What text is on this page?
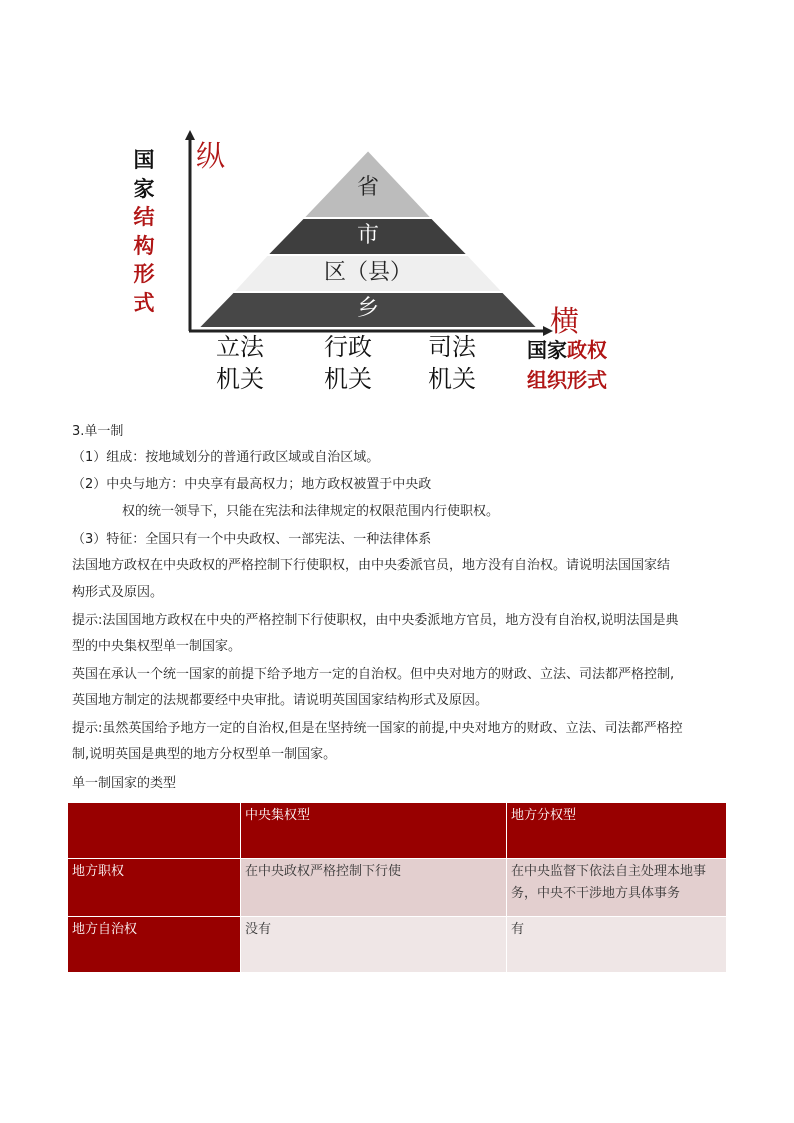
国家
结构形式
纵
横
省
市
区（县）
乡
立法
机关
行政
机关
司法
机关
国家政权
组织形式
3.单一制
（1）组成：按地域划分的普通行政区域或自治区域。
（2）中央与地方：中央享有最高权力；地方政权被置于中央政
权的统一领导下，只能在宪法和法律规定的权限范围内行使职权。
（3）特征：全国只有一个中央政权、一部宪法、一种法律体系
法国地方政权在中央政权的严格控制下行使职权，由中央委派官员，地方没有自治权。请说明法国国家结
构形式及原因。
提示:法国国地方政权在中央的严格控制下行使职权，由中央委派地方官员，地方没有自治权,说明法国是典
型的中央集权型单一制国家。
英国在承认一个统一国家的前提下给予地方一定的自治权。但中央对地方的财政、立法、司法都严格控制,
英国地方制定的法规都要经中央审批。请说明英国国家结构形式及原因。
提示:虽然英国给予地方一定的自治权,但是在坚持统一国家的前提,中央对地方的财政、立法、司法都严格控
制,说明英国是典型的地方分权型单一制国家。
单一制国家的类型
	中央集权型	地方分权型
地方职权	在中央政权严格控制下行使	在中央监督下依法自主处理本地事务，中央不干涉地方具体事务
地方自治权	没有	有
